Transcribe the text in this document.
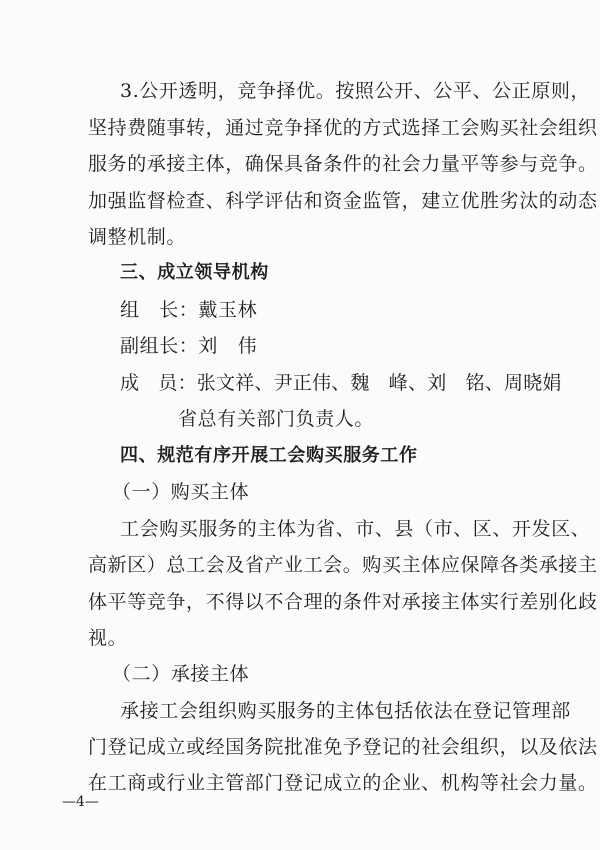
3.公开透明，竞争择优。按照公开、公平、公正原则，
坚持费随事转，通过竞争择优的方式选择工会购买社会组织
服务的承接主体，确保具备条件的社会力量平等参与竞争。
加强监督检查、科学评估和资金监管，建立优胜劣汰的动态
调整机制。
三、成立领导机构
组　长：戴玉林
副组长：刘　伟
成　员：张文祥、尹正伟、魏　峰、刘　铭、周晓娟
省总有关部门负责人。
四、规范有序开展工会购买服务工作
（一）购买主体
工会购买服务的主体为省、市、县（市、区、开发区、
高新区）总工会及省产业工会。购买主体应保障各类承接主
体平等竞争，不得以不合理的条件对承接主体实行差别化歧
视。
（二）承接主体
承接工会组织购买服务的主体包括依法在登记管理部
门登记成立或经国务院批准免予登记的社会组织，以及依法
在工商或行业主管部门登记成立的企业、机构等社会力量。
—4—
